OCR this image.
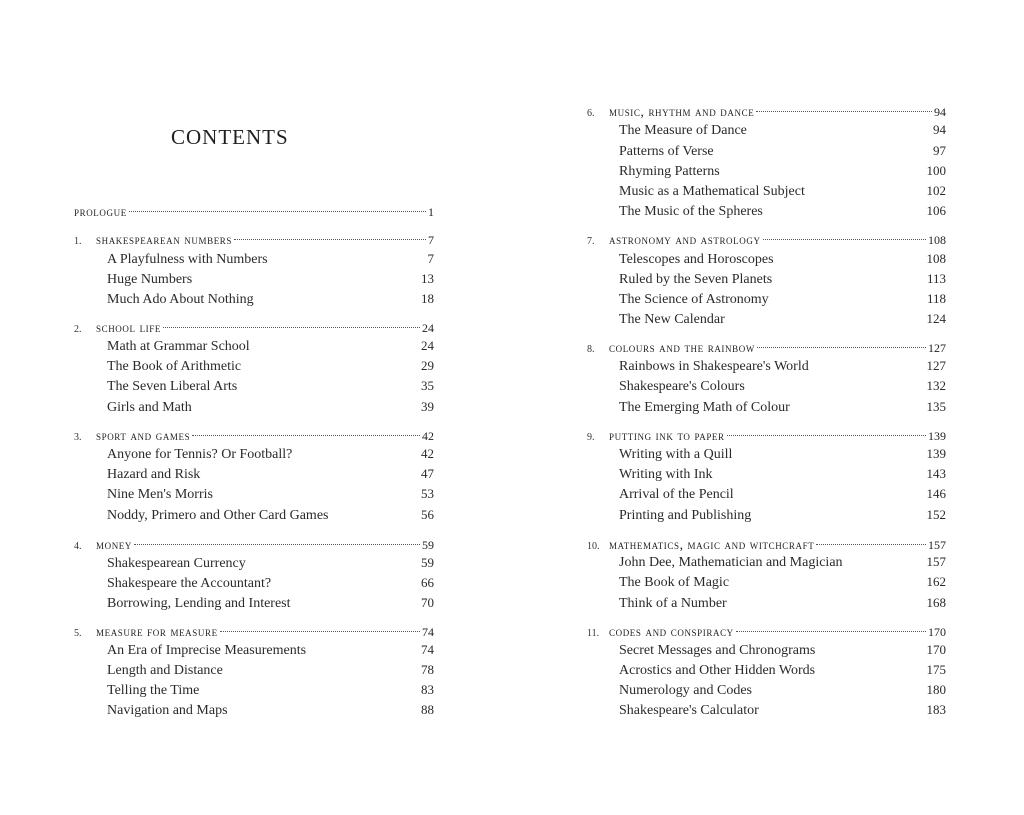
contents
prologue	1
1.	shakespearean numbers	7
A Playfulness with Numbers	7
Huge Numbers	13
Much Ado About Nothing	18
2.	school life	24
Math at Grammar School	24
The Book of Arithmetic	29
The Seven Liberal Arts	35
Girls and Math	39
3.	sport and games	42
Anyone for Tennis? Or Football?	42
Hazard and Risk	47
Nine Men's Morris	53
Noddy, Primero and Other Card Games	56
4.	money	59
Shakespearean Currency	59
Shakespeare the Accountant?	66
Borrowing, Lending and Interest	70
5.	measure for measure	74
An Era of Imprecise Measurements	74
Length and Distance	78
Telling the Time	83
Navigation and Maps	88
6.	music, rhythm and dance	94
The Measure of Dance	94
Patterns of Verse	97
Rhyming Patterns	100
Music as a Mathematical Subject	102
The Music of the Spheres	106
7.	astronomy and astrology	108
Telescopes and Horoscopes	108
Ruled by the Seven Planets	113
The Science of Astronomy	118
The New Calendar	124
8.	colours and the rainbow	127
Rainbows in Shakespeare's World	127
Shakespeare's Colours	132
The Emerging Math of Colour	135
9.	putting ink to paper	139
Writing with a Quill	139
Writing with Ink	143
Arrival of the Pencil	146
Printing and Publishing	152
10. mathematics, magic and witchcraft	157
John Dee, Mathematician and Magician	157
The Book of Magic	162
Think of a Number	168
11. codes and conspiracy	170
Secret Messages and Chronograms	170
Acrostics and Other Hidden Words	175
Numerology and Codes	180
Shakespeare's Calculator	183
